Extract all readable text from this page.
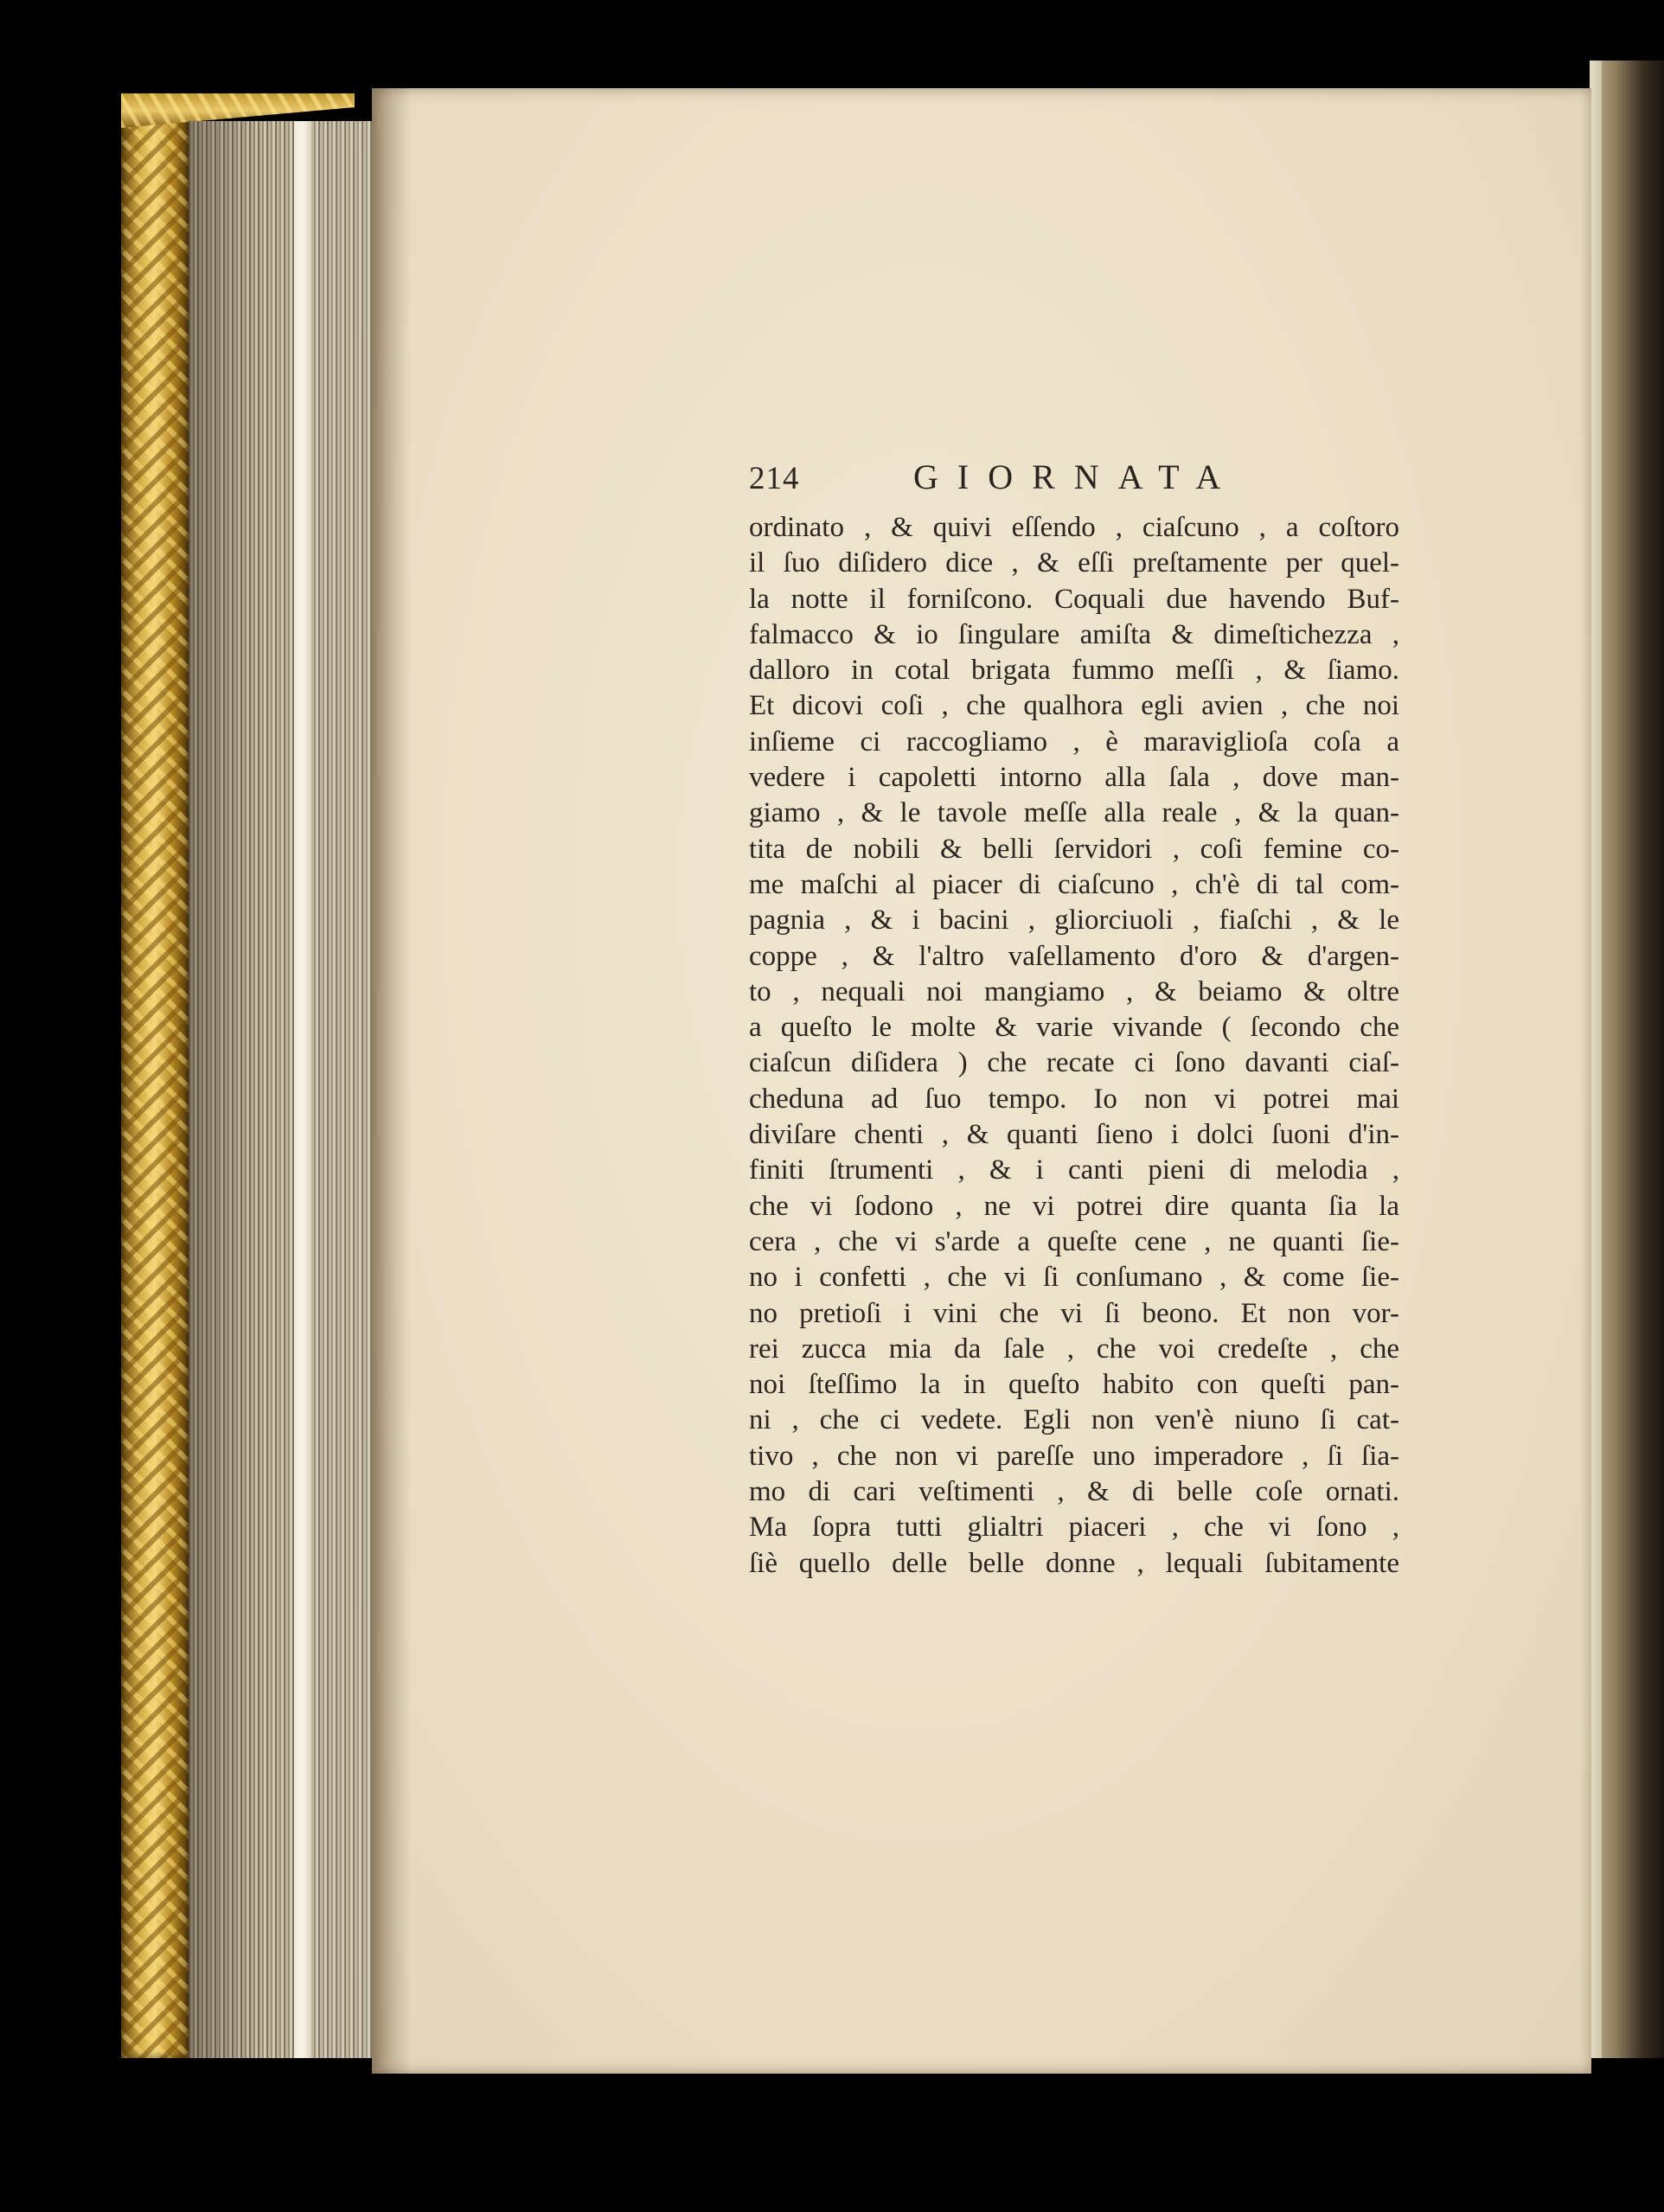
214	GIORNATA
ordinato , & quivi eſſendo , ciaſcuno , a coſtoro
il ſuo diſidero dice , & eſſi preſtamente per quel-
la notte il forniſcono. Coquali due havendo Buf-
falmacco & io ſingulare amiſta & dimeſtichezza ,
dalloro in cotal brigata fummo meſſi , & ſiamo.
Et dicovi coſi , che qualhora egli avien , che noi
inſieme ci raccogliamo , è maraviglioſa coſa a
vedere i capoletti intorno alla ſala , dove man-
giamo , & le tavole meſſe alla reale , & la quan-
tita de nobili & belli ſervidori , coſi femine co-
me maſchi al piacer di ciaſcuno , ch'è di tal com-
pagnia , & i bacini , gliorciuoli , fiaſchi , & le
coppe , & l'altro vaſellamento d'oro & d'argen-
to , nequali noi mangiamo , & beiamo & oltre
a queſto le molte & varie vivande ( ſecondo che
ciaſcun diſidera ) che recate ci ſono davanti ciaſ-
cheduna ad ſuo tempo. Io non vi potrei mai
diviſare chenti , & quanti ſieno i dolci ſuoni d'in-
finiti ſtrumenti , & i canti pieni di melodia ,
che vi ſodono , ne vi potrei dire quanta ſia la
cera , che vi s'arde a queſte cene , ne quanti ſie-
no i confetti , che vi ſi conſumano , & come ſie-
no pretioſi i vini che vi ſi beono. Et non vor-
rei zucca mia da ſale , che voi credeſte , che
noi ſteſſimo la in queſto habito con queſti pan-
ni , che ci vedete. Egli non ven'è niuno ſi cat-
tivo , che non vi pareſſe uno imperadore , ſi ſia-
mo di cari veſtimenti , & di belle coſe ornati.
Ma ſopra tutti glialtri piaceri , che vi ſono ,
ſiè quello delle belle donne , lequali ſubitamente
